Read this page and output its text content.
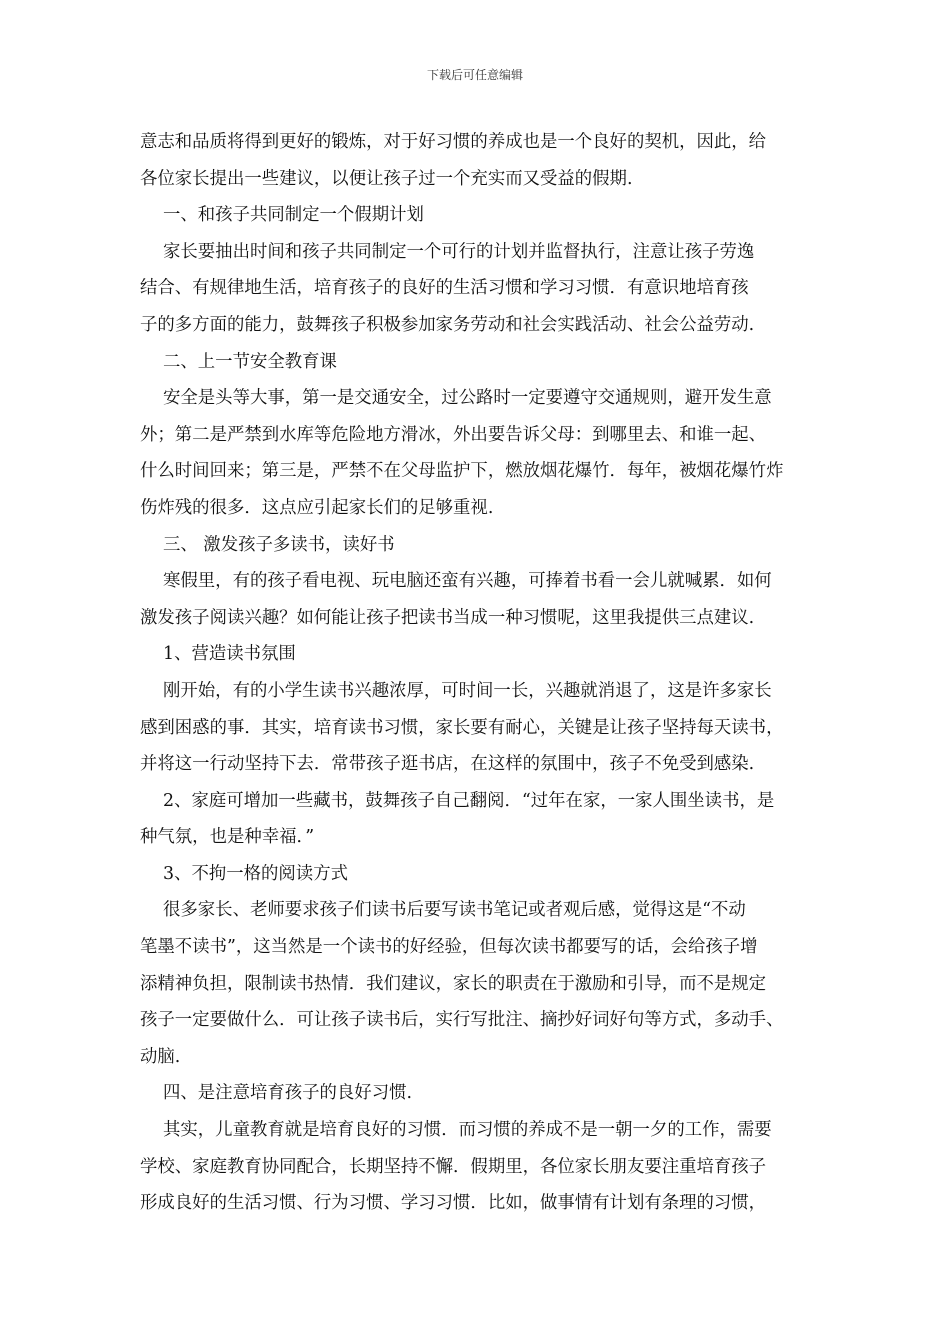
下载后可任意编辑
意志和品质将得到更好的锻炼，对于好习惯的养成也是一个良好的契机，因此，给
各位家长提出一些建议，以便让孩子过一个充实而又受益的假期.
一、和孩子共同制定一个假期计划
家长要抽出时间和孩子共同制定一个可行的计划并监督执行，注意让孩子劳逸
结合、有规律地生活，培育孩子的良好的生活习惯和学习习惯．有意识地培育孩
子的多方面的能力，鼓舞孩子积极参加家务劳动和社会实践活动、社会公益劳动.
二、上一节安全教育课
安全是头等大事，第一是交通安全，过公路时一定要遵守交通规则，避开发生意
外；第二是严禁到水库等危险地方滑冰，外出要告诉父母：到哪里去、和谁一起、
什么时间回来；第三是，严禁不在父母监护下，燃放烟花爆竹．每年，被烟花爆竹炸
伤炸残的很多．这点应引起家长们的足够重视.
三、 激发孩子多读书，读好书
寒假里，有的孩子看电视、玩电脑还蛮有兴趣，可捧着书看一会儿就喊累．如何
激发孩子阅读兴趣？如何能让孩子把读书当成一种习惯呢，这里我提供三点建议.
1、营造读书氛围
刚开始，有的小学生读书兴趣浓厚，可时间一长，兴趣就消退了，这是许多家长
感到困惑的事．其实，培育读书习惯，家长要有耐心，关键是让孩子坚持每天读书，
并将这一行动坚持下去．常带孩子逛书店，在这样的氛围中，孩子不免受到感染.
2、家庭可增加一些藏书，鼓舞孩子自己翻阅．“过年在家，一家人围坐读书，是
种气氛，也是种幸福．”
3、不拘一格的阅读方式
很多家长、老师要求孩子们读书后要写读书笔记或者观后感，觉得这是“不动
笔墨不读书”，这当然是一个读书的好经验，但每次读书都要写的话，会给孩子增
添精神负担，限制读书热情．我们建议，家长的职责在于激励和引导，而不是规定
孩子一定要做什么．可让孩子读书后，实行写批注、摘抄好词好句等方式，多动手、
动脑.
四、是注意培育孩子的良好习惯.
其实，儿童教育就是培育良好的习惯．而习惯的养成不是一朝一夕的工作，需要
学校、家庭教育协同配合，长期坚持不懈．假期里，各位家长朋友要注重培育孩子
形成良好的生活习惯、行为习惯、学习习惯．比如，做事情有计划有条理的习惯，
